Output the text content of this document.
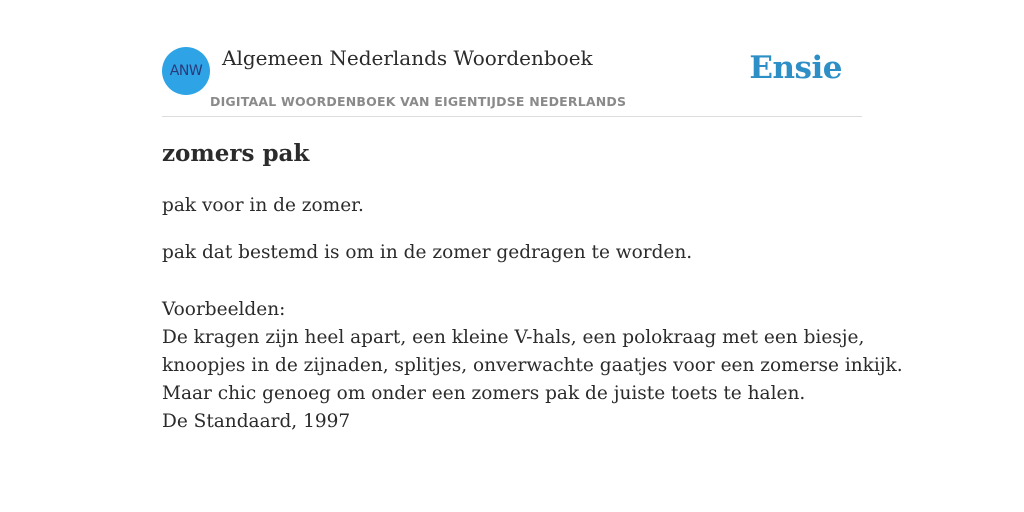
ANW
Algemeen Nederlands Woordenboek
DIGITAAL WOORDENBOEK VAN EIGENTIJDSE NEDERLANDS
Ensie
zomers pak
pak voor in de zomer.
pak dat bestemd is om in de zomer gedragen te worden.
Voorbeelden:
De kragen zijn heel apart, een kleine V-hals, een polokraag met een biesje,
knoopjes in de zijnaden, splitjes, onverwachte gaatjes voor een zomerse inkijk.
Maar chic genoeg om onder een zomers pak de juiste toets te halen.
De Standaard, 1997
